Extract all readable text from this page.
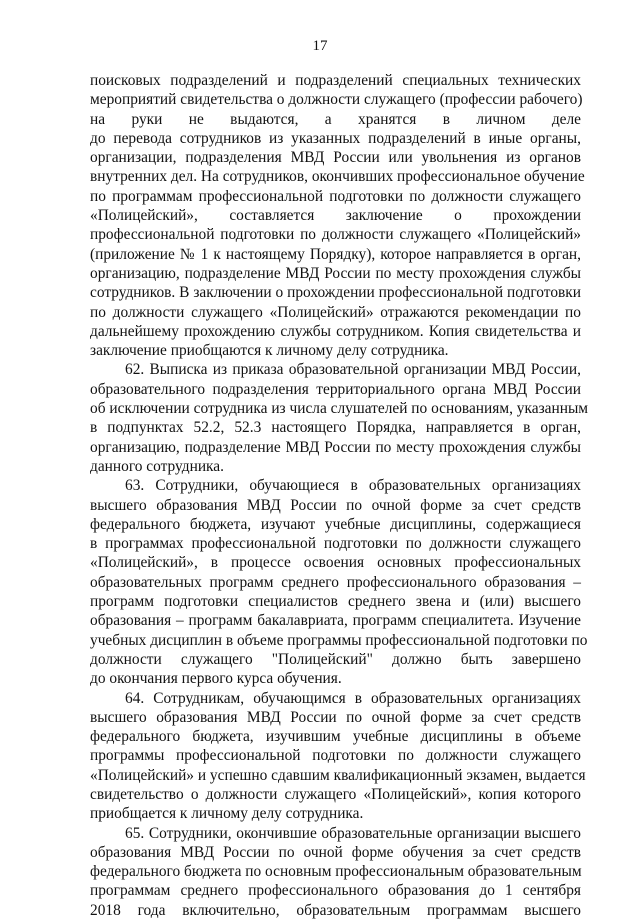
17
поисковых подразделений и подразделений специальных технических
мероприятий свидетельства о должности служащего (профессии рабочего)
на руки не выдаются, а хранятся в личном деле
до перевода сотрудников из указанных подразделений в иные органы,
организации, подразделения МВД России или увольнения из органов
внутренних дел. На сотрудников, окончивших профессиональное обучение
по программам профессиональной подготовки по должности служащего
«Полицейский», составляется заключение о прохождении
профессиональной подготовки по должности служащего «Полицейский»
(приложение № 1 к настоящему Порядку), которое направляется в орган,
организацию, подразделение МВД России по месту прохождения службы
сотрудников. В заключении о прохождении профессиональной подготовки
по должности служащего «Полицейский» отражаются рекомендации по
дальнейшему прохождению службы сотрудником. Копия свидетельства и
заключение приобщаются к личному делу сотрудника.
62. Выписка из приказа образовательной организации МВД России,
образовательного подразделения территориального органа МВД России
об исключении сотрудника из числа слушателей по основаниям, указанным
в подпунктах 52.2, 52.3 настоящего Порядка, направляется в орган,
организацию, подразделение МВД России по месту прохождения службы
данного сотрудника.
63. Сотрудники, обучающиеся в образовательных организациях
высшего образования МВД России по очной форме за счет средств
федерального бюджета, изучают учебные дисциплины, содержащиеся
в программах профессиональной подготовки по должности служащего
«Полицейский», в процессе освоения основных профессиональных
образовательных программ среднего профессионального образования –
программ подготовки специалистов среднего звена и (или) высшего
образования – программ бакалавриата, программ специалитета. Изучение
учебных дисциплин в объеме программы профессиональной подготовки по
должности служащего "Полицейский" должно быть завершено
до окончания первого курса обучения.
64. Сотрудникам, обучающимся в образовательных организациях
высшего образования МВД России по очной форме за счет средств
федерального бюджета, изучившим учебные дисциплины в объеме
программы профессиональной подготовки по должности служащего
«Полицейский» и успешно сдавшим квалификационный экзамен, выдается
свидетельство о должности служащего «Полицейский», копия которого
приобщается к личному делу сотрудника.
65. Сотрудники, окончившие образовательные организации высшего
образования МВД России по очной форме обучения за счет средств
федерального бюджета по основным профессиональным образовательным
программам среднего профессионального образования до 1 сентября
2018 года включительно, образовательным программам высшего
